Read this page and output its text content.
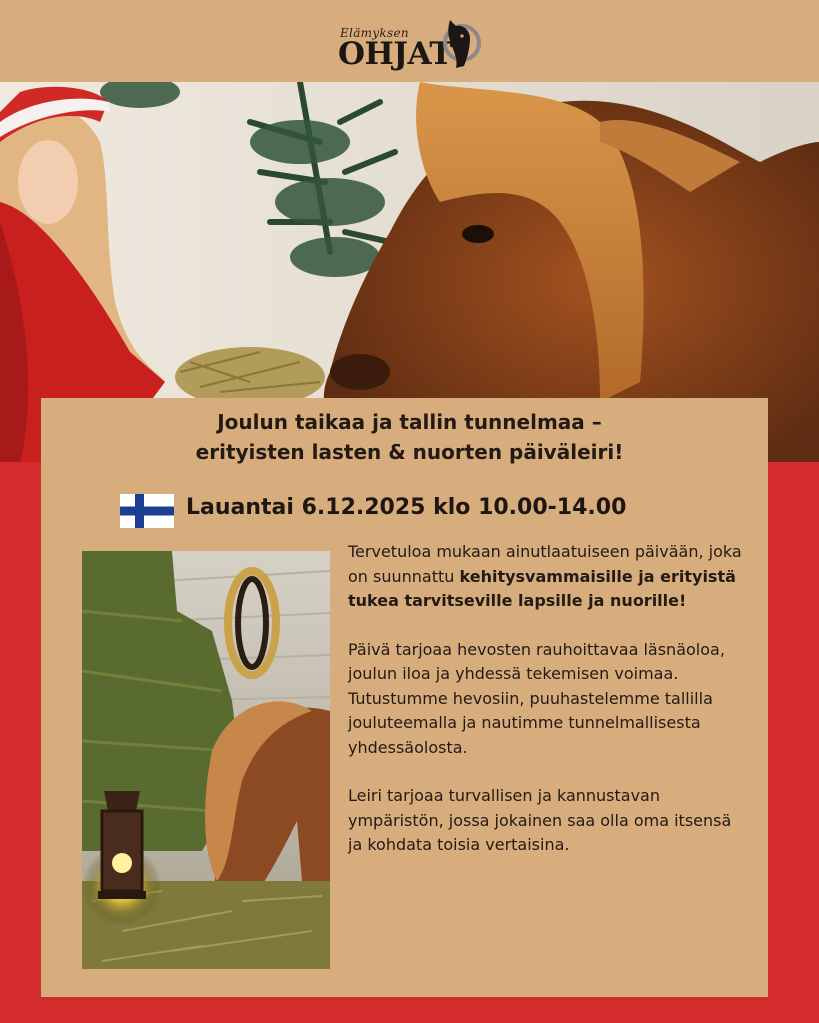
Elämyksen
OHJAT
Joulun taikaa ja tallin tunnelmaa –
erityisten lasten & nuorten päiväleiri!
Lauantai 6.12.2025 klo 10.00-14.00

Tervetuloa mukaan ainutlaatuiseen päivään, joka on suunnattu kehitysvammaisille ja erityistä tukea tarvitseville lapsille ja nuorille!

Päivä tarjoaa hevosten rauhoittavaa läsnäoloa, joulun iloa ja yhdessä tekemisen voimaa. Tutustumme hevosiin, puuhastelemme tallilla jouluteemalla ja nautimme tunnelmallisesta yhdessäolosta.

Leiri tarjoaa turvallisen ja kannustavan ympäristön, jossa jokainen saa olla oma itsensä ja kohdata toisia vertaisina.
